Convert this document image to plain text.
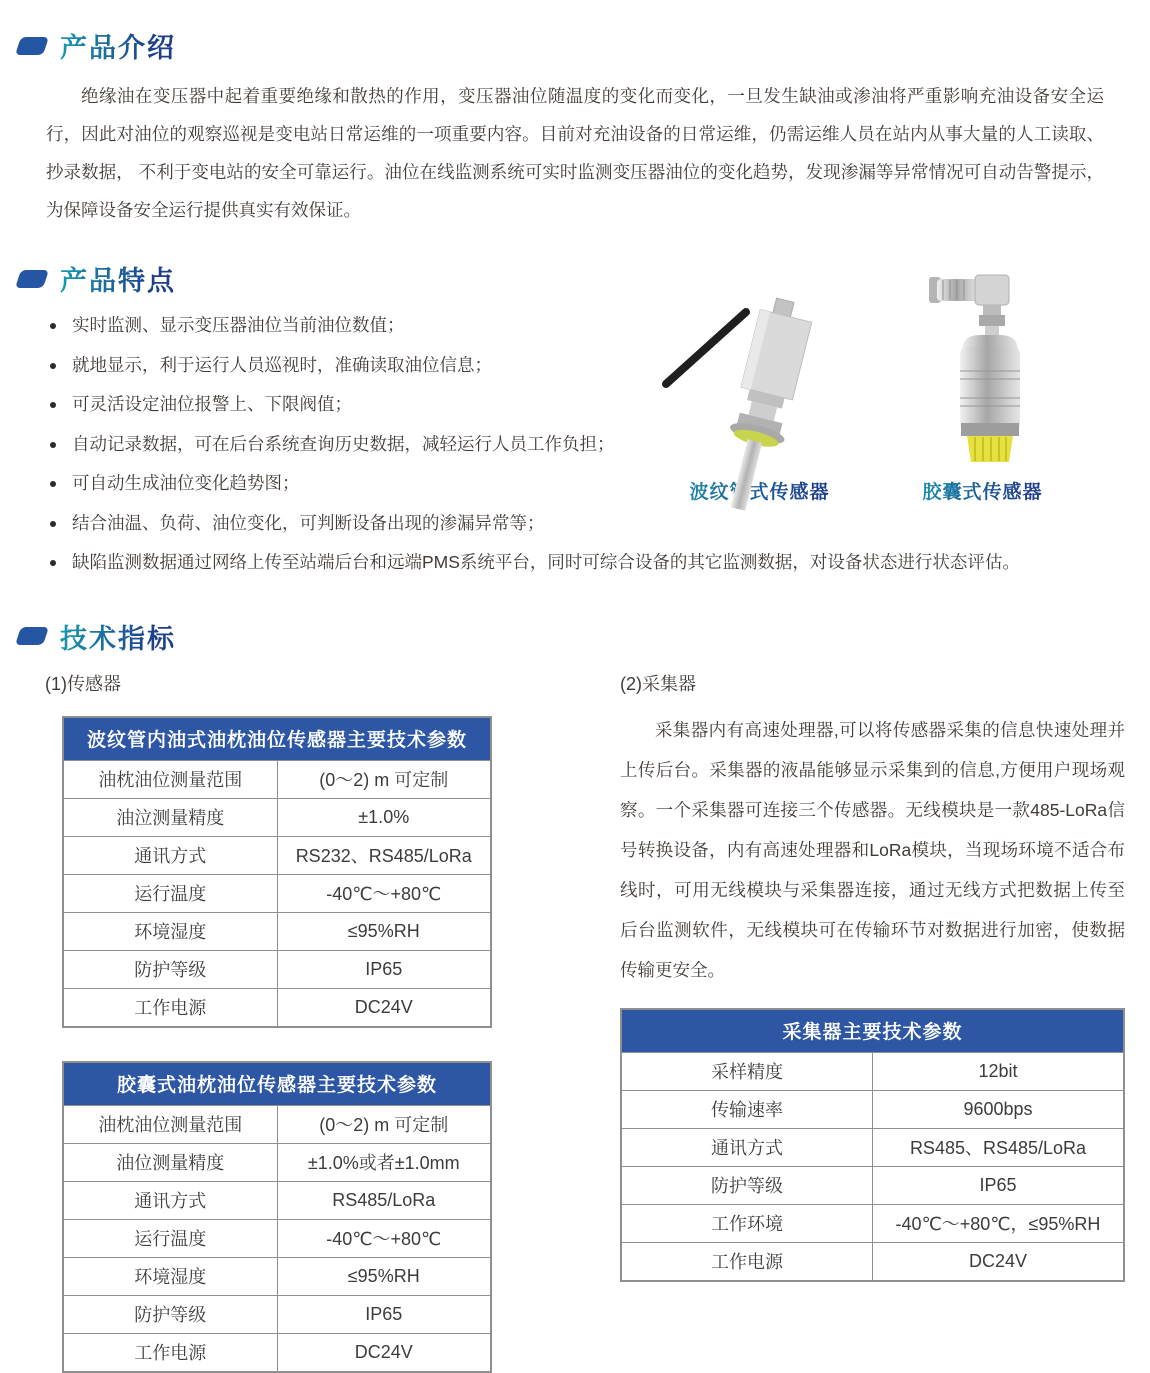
产品介绍

绝缘油在变压器中起着重要绝缘和散热的作用，变压器油位随温度的变化而变化，一旦发生缺油或渗油将严重影响充油设备安全运行，因此对油位的观察巡视是变电站日常运维的一项重要内容。目前对充油设备的日常运维，仍需运维人员在站内从事大量的人工读取、抄录数据， 不利于变电站的安全可靠运行。油位在线监测系统可实时监测变压器油位的变化趋势，发现渗漏等异常情况可自动告警提示，为保障设备安全运行提供真实有效保证。

产品特点
实时监测、显示变压器油位当前油位数值；
就地显示，利于运行人员巡视时，准确读取油位信息；
可灵活设定油位报警上、下限阀值；
自动记录数据，可在后台系统查询历史数据，减轻运行人员工作负担；
可自动生成油位变化趋势图；
结合油温、负荷、油位变化，可判断设备出现的渗漏异常等；
缺陷监测数据通过网络上传至站端后台和远端PMS系统平台，同时可综合设备的其它监测数据，对设备状态进行状态评估。
波纹管式传感器	胶囊式传感器
技术指标

(1)传感器

波纹管内油式油枕油位传感器主要技术参数	
油枕油位测量范围	(0～2) m 可定制
油泣测量精度	±1.0%
通讯方式	RS232、RS485/LoRa
运行温度	-40℃～+80℃
环境湿度	≤95%RH
防护等级	IP65
工作电源	DC24V
胶囊式油枕油位传感器主要技术参数	
油枕油位测量范围	(0～2) m 可定制
油位测量精度	±1.0%或者±1.0mm
通讯方式	RS485/LoRa
运行温度	-40℃～+80℃
环境湿度	≤95%RH
防护等级	IP65
工作电源	DC24V

(2)采集器

采集器内有高速处理器,可以将传感器采集的信息快速处理并上传后台。采集器的液晶能够显示采集到的信息,方便用户现场观察。一个采集器可连接三个传感器。无线模块是一款485-LoRa信号转换设备，内有高速处理器和LoRa模块，当现场环境不适合布线时，可用无线模块与采集器连接，通过无线方式把数据上传至后台监测软件，无线模块可在传输环节对数据进行加密，使数据传输更安全。

采集器主要技术参数	
采样精度	12bit
传输速率	9600bps
通讯方式	RS485、RS485/LoRa
防护等级	IP65
工作环境	-40℃～+80℃，≤95%RH
工作电源	DC24V
